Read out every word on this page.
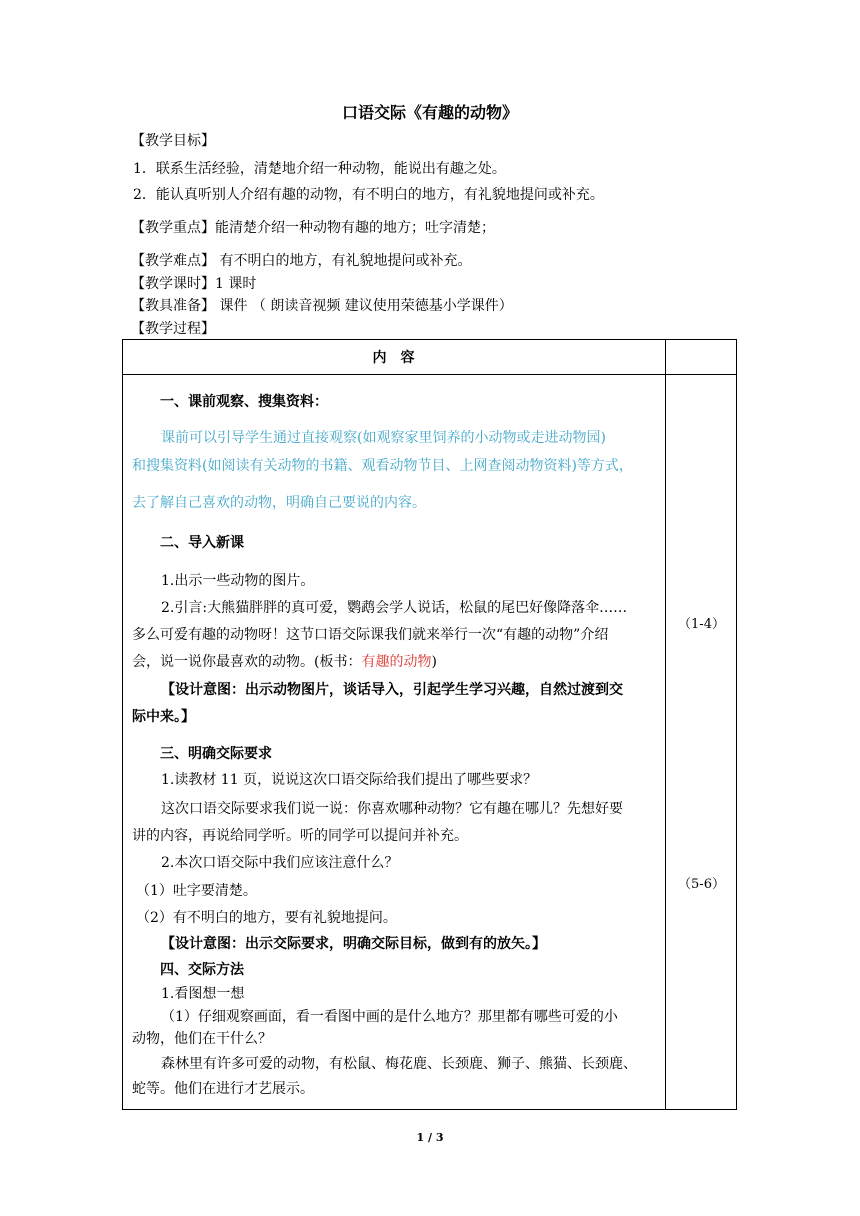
口语交际《有趣的动物》
【教学目标】
1．联系生活经验，清楚地介绍一种动物，能说出有趣之处。
2．能认真听别人介绍有趣的动物，有不明白的地方，有礼貌地提问或补充。
【教学重点】能清楚介绍一种动物有趣的地方；吐字清楚；
【教学难点】 有不明白的地方，有礼貌地提问或补充。
【教学课时】1 课时
【教具准备】 课件 （ 朗读音视频 建议使用荣德基小学课件）
【教学过程】
内　容
一、课前观察、搜集资料：
课前可以引导学生通过直接观察(如观察家里饲养的小动物或走进动物园)
和搜集资料(如阅读有关动物的书籍、观看动物节目、上网查阅动物资料)等方式，
去了解自己喜欢的动物，明确自己要说的内容。
二、导入新课
1.出示一些动物的图片。
2.引言:大熊猫胖胖的真可爱，鹦鹉会学人说话，松鼠的尾巴好像降落伞……
多么可爱有趣的动物呀！这节口语交际课我们就来举行一次“有趣的动物”介绍
会，说一说你最喜欢的动物。(板书：有趣的动物)
【设计意图：出示动物图片，谈话导入，引起学生学习兴趣，自然过渡到交
际中来。】
三、明确交际要求
1.读教材 11 页，说说这次口语交际给我们提出了哪些要求？
这次口语交际要求我们说一说：你喜欢哪种动物？它有趣在哪儿？先想好要
讲的内容，再说给同学听。听的同学可以提问并补充。
2.本次口语交际中我们应该注意什么？
（1）吐字要清楚。
（2）有不明白的地方，要有礼貌地提问。
【设计意图：出示交际要求，明确交际目标，做到有的放矢。】
四、交际方法
1.看图想一想
（1）仔细观察画面，看一看图中画的是什么地方？那里都有哪些可爱的小
动物，他们在干什么？
森林里有许多可爱的动物，有松鼠、梅花鹿、长颈鹿、狮子、熊猫、长颈鹿、
蛇等。他们在进行才艺展示。
（1-4）
（5-6）
1 / 3
